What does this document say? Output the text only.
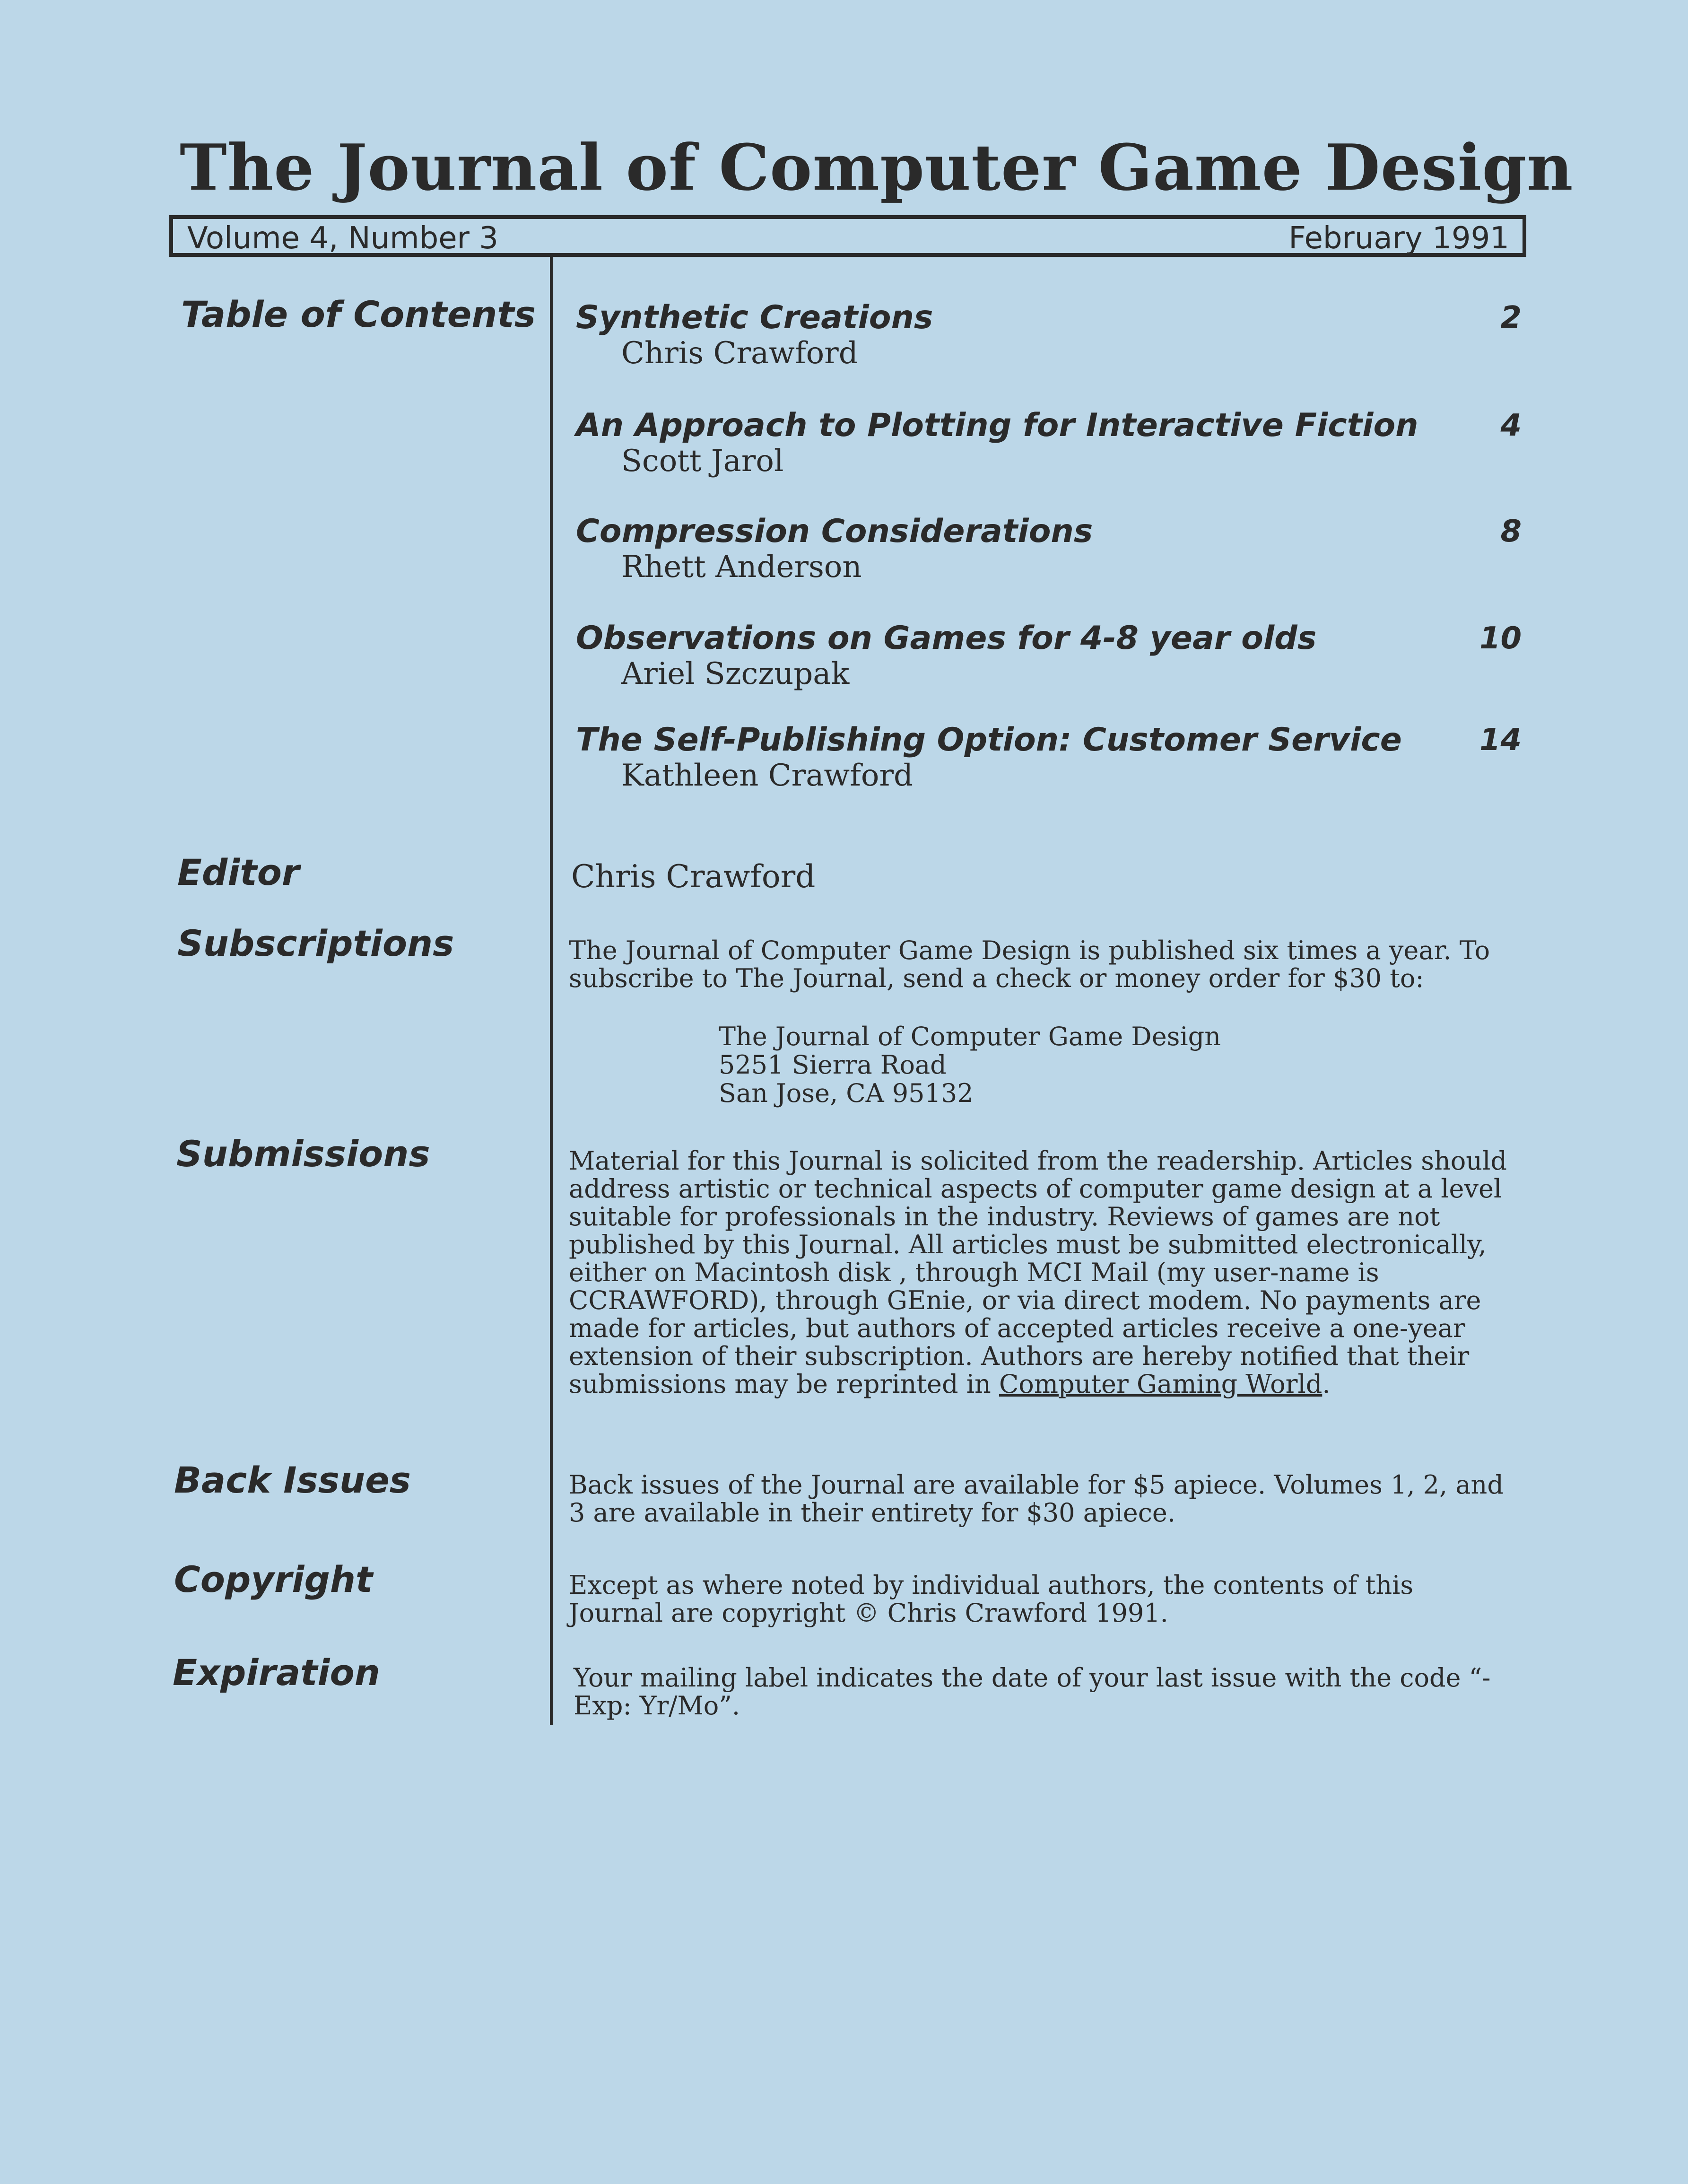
The Journal of Computer Game Design
Volume 4, Number 3	February 1991
Table of Contents
Editor
Subscriptions
Submissions
Back Issues
Copyright
Expiration
Synthetic Creations
Chris Crawford
2
An Approach to Plotting for Interactive Fiction
Scott Jarol
4
Compression Considerations
Rhett Anderson
8
Observations on Games for 4-8 year olds
Ariel Szczupak
10
The Self-Publishing Option: Customer Service
Kathleen Crawford
14
Chris Crawford

The Journal of Computer Game Design is published six times a year. To subscribe to The Journal, send a check or money order for $30 to:

The Journal of Computer Game Design
5251 Sierra Road
San Jose, CA 95132

Material for this Journal is solicited from the readership. Articles should address artistic or technical aspects of computer game design at a level suitable for professionals in the industry. Reviews of games are not published by this Journal. All articles must be submitted electronically, either on Macintosh disk , through MCI Mail (my user-name is CCRAWFORD), through GEnie, or via direct modem. No payments are made for articles, but authors of accepted articles receive a one-year extension of their subscription. Authors are hereby notified that their submissions may be reprinted in Computer Gaming World.

Back issues of the Journal are available for $5 apiece. Volumes 1, 2, and 3 are available in their entirety for $30 apiece.

Except as where noted by individual authors, the contents of this Journal are copyright © Chris Crawford 1991.

Your mailing label indicates the date of your last issue with the code “-Exp: Yr/Mo”.
